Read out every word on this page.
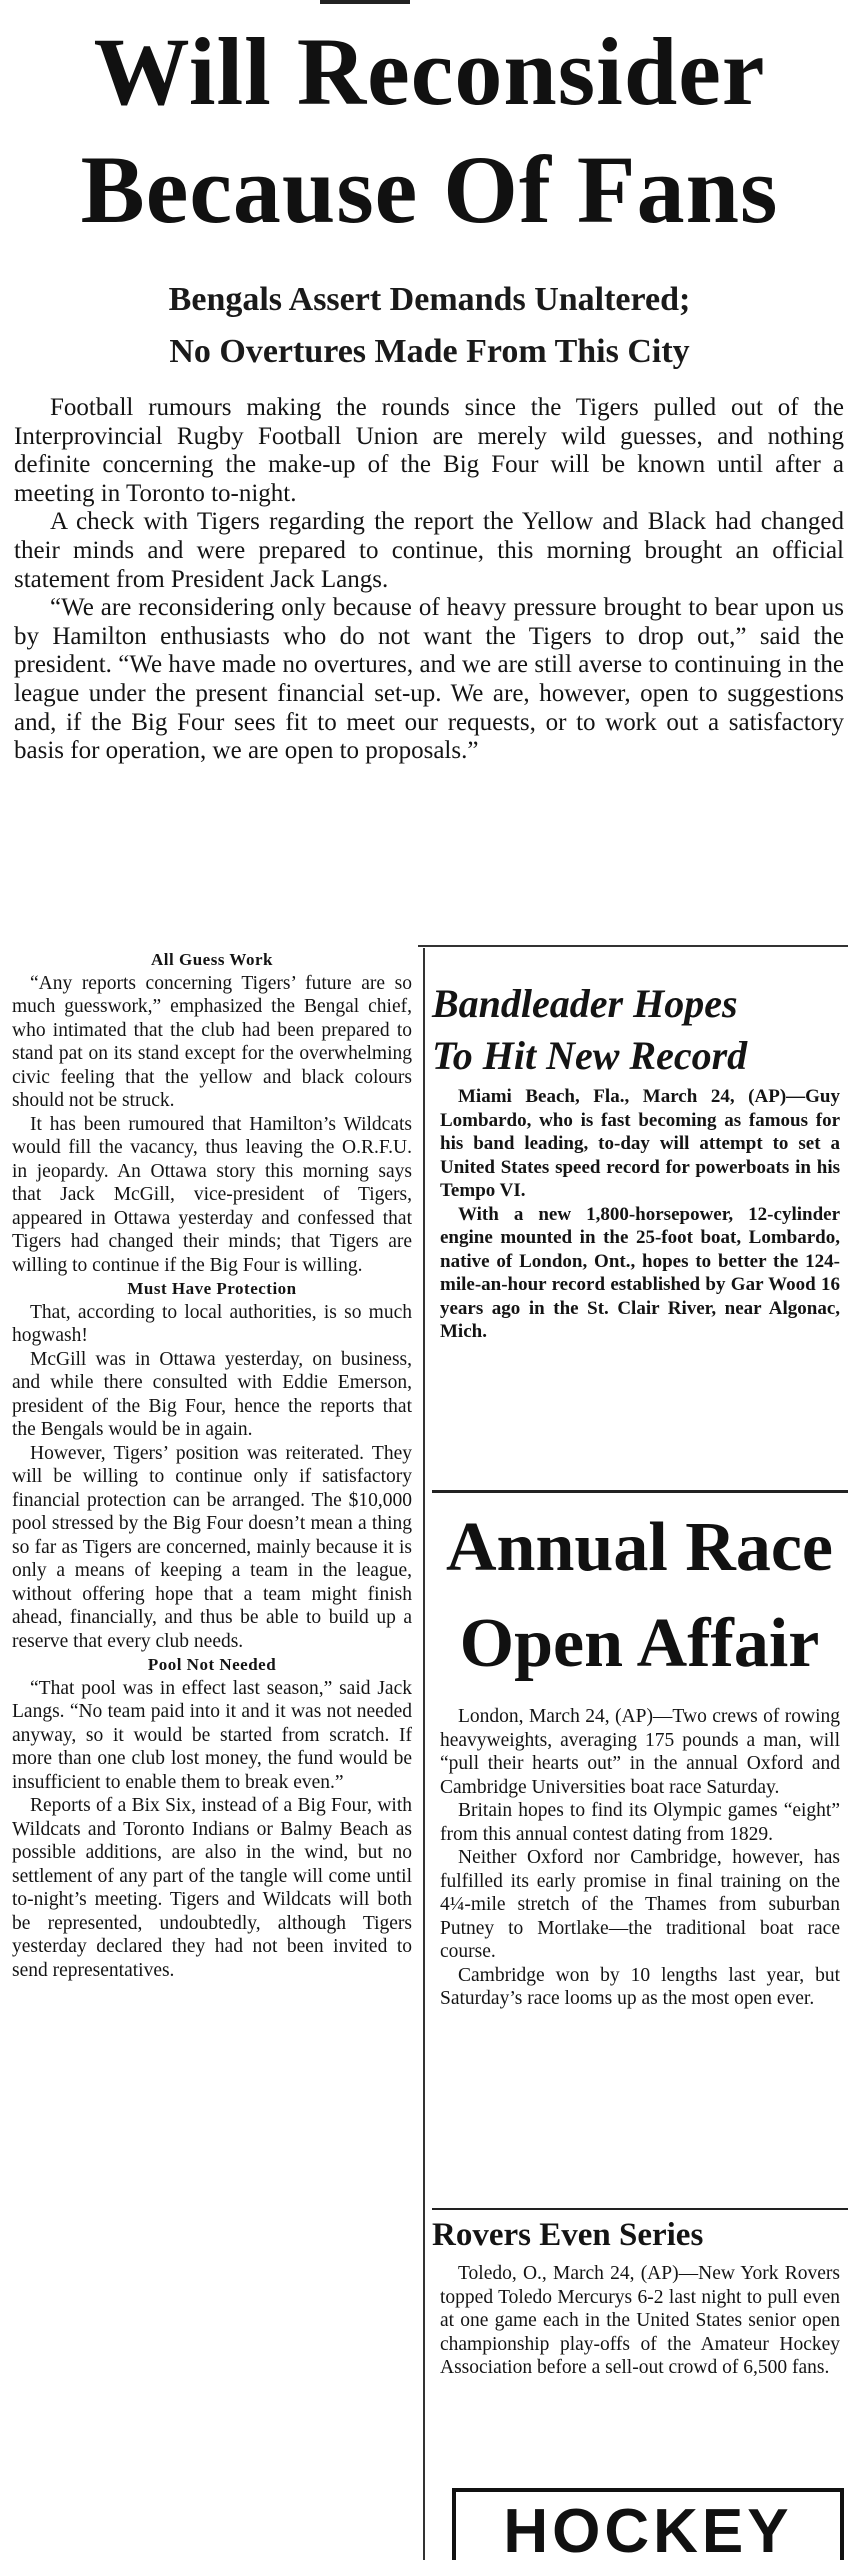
Will Reconsider
Because Of Fans
Bengals Assert Demands Unaltered;
No Overtures Made From This City

Football rumours making the rounds since the Tigers pulled out of the Interprovincial Rugby Football Union are merely wild guesses, and nothing definite concerning the make-up of the Big Four will be known until after a meeting in Toronto to-night.

A check with Tigers regarding the report the Yellow and Black had changed their minds and were prepared to continue, this morning brought an official statement from President Jack Langs.

“We are reconsidering only because of heavy pressure brought to bear upon us by Hamilton enthusiasts who do not want the Tigers to drop out,” said the president. “We have made no overtures, and we are still averse to continuing in the league under the present financial set-up. We are, however, open to suggestions and, if the Big Four sees fit to meet our requests, or to work out a satisfactory basis for operation, we are open to proposals.”

All Guess Work

“Any reports concerning Tigers’ future are so much guesswork,” emphasized the Bengal chief, who intimated that the club had been prepared to stand pat on its stand except for the overwhelming civic feeling that the yellow and black colours should not be struck.

It has been rumoured that Hamilton’s Wildcats would fill the vacancy, thus leaving the O.R.F.U. in jeopardy. An Ottawa story this morning says that Jack McGill, vice-president of Tigers, appeared in Ottawa yesterday and confessed that Tigers had changed their minds; that Tigers are willing to continue if the Big Four is willing.

Must Have Protection

That, according to local authorities, is so much hogwash!

McGill was in Ottawa yesterday, on business, and while there consulted with Eddie Emerson, president of the Big Four, hence the reports that the Bengals would be in again.

However, Tigers’ position was reiterated. They will be willing to continue only if satisfactory financial protection can be arranged. The $10,000 pool stressed by the Big Four doesn’t mean a thing so far as Tigers are concerned, mainly because it is only a means of keeping a team in the league, without offering hope that a team might finish ahead, financially, and thus be able to build up a reserve that every club needs.

Pool Not Needed

“That pool was in effect last season,” said Jack Langs. “No team paid into it and it was not needed anyway, so it would be started from scratch. If more than one club lost money, the fund would be insufficient to enable them to break even.”

Reports of a Bix Six, instead of a Big Four, with Wildcats and Toronto Indians or Balmy Beach as possible additions, are also in the wind, but no settlement of any part of the tangle will come until to-night’s meeting. Tigers and Wildcats will both be represented, undoubtedly, although Tigers yesterday declared they had not been invited to send representatives.

Bandleader Hopes
To Hit New Record

Miami Beach, Fla., March 24, (AP)—Guy Lombardo, who is fast becoming as famous for his band leading, to-day will attempt to set a United States speed record for powerboats in his Tempo VI.

With a new 1,800-horsepower, 12-cylinder engine mounted in the 25-foot boat, Lombardo, native of London, Ont., hopes to better the 124-mile-an-hour record established by Gar Wood 16 years ago in the St. Clair River, near Algonac, Mich.

Annual Race
Open Affair

London, March 24, (AP)—Two crews of rowing heavyweights, averaging 175 pounds a man, will “pull their hearts out” in the annual Oxford and Cambridge Universities boat race Saturday.

Britain hopes to find its Olympic games “eight” from this annual contest dating from 1829.

Neither Oxford nor Cambridge, however, has fulfilled its early promise in final training on the 4¼-mile stretch of the Thames from suburban Putney to Mortlake—the traditional boat race course.

Cambridge won by 10 lengths last year, but Saturday’s race looms up as the most open ever.

Rovers Even Series

Toledo, O., March 24, (AP)—New York Rovers topped Toledo Mercurys 6-2 last night to pull even at one game each in the United States senior open championship play-offs of the Amateur Hockey Association before a sell-out crowd of 6,500 fans.

HOCKEY
